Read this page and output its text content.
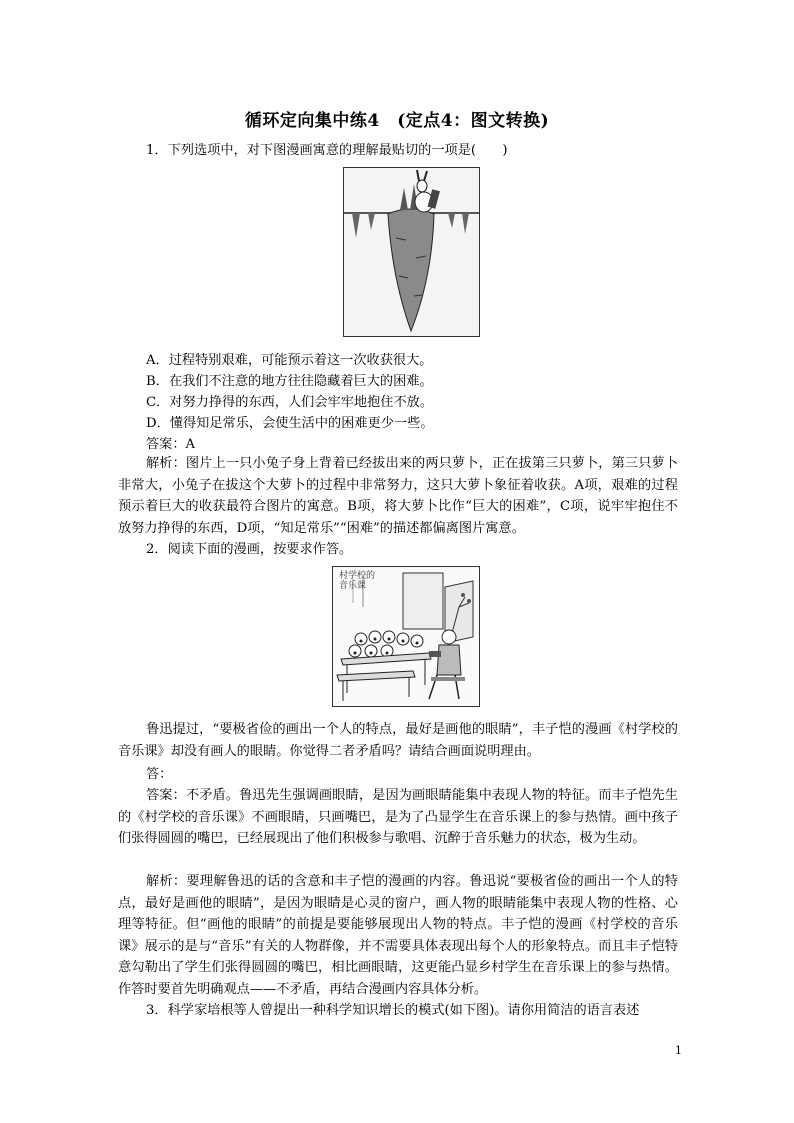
循环定向集中练4　(定点4：图文转换)
1．下列选项中，对下图漫画寓意的理解最贴切的一项是(　　)
A．过程特别艰难，可能预示着这一次收获很大。
B．在我们不注意的地方往往隐藏着巨大的困难。
C．对努力挣得的东西，人们会牢牢地抱住不放。
D．懂得知足常乐，会使生活中的困难更少一些。
答案：A

解析：图片上一只小兔子身上背着已经拔出来的两只萝卜，正在拔第三只萝卜，第三只萝卜非常大，小兔子在拔这个大萝卜的过程中非常努力，这只大萝卜象征着收获。A项，艰难的过程预示着巨大的收获最符合图片的寓意。B项，将大萝卜比作“巨大的困难”，C项，说牢牢抱住不放努力挣得的东西，D项，“知足常乐”“困难”的描述都偏离图片寓意。

2．阅读下面的漫画，按要求作答。
村学校的音乐课

鲁迅提过，“要极省俭的画出一个人的特点，最好是画他的眼睛”，丰子恺的漫画《村学校的音乐课》却没有画人的眼睛。你觉得二者矛盾吗？请结合画面说明理由。

答：

答案：不矛盾。鲁迅先生强调画眼睛，是因为画眼睛能集中表现人物的特征。而丰子恺先生的《村学校的音乐课》不画眼睛，只画嘴巴，是为了凸显学生在音乐课上的参与热情。画中孩子们张得圆圆的嘴巴，已经展现出了他们积极参与歌唱、沉醉于音乐魅力的状态，极为生动。

解析：要理解鲁迅的话的含意和丰子恺的漫画的内容。鲁迅说“要极省俭的画出一个人的特点，最好是画他的眼睛”，是因为眼睛是心灵的窗户，画人物的眼睛能集中表现人物的性格、心理等特征。但“画他的眼睛”的前提是要能够展现出人物的特点。丰子恺的漫画《村学校的音乐课》展示的是与“音乐”有关的人物群像，并不需要具体表现出每个人的形象特点。而且丰子恺特意勾勒出了学生们张得圆圆的嘴巴，相比画眼睛，这更能凸显乡村学生在音乐课上的参与热情。作答时要首先明确观点——不矛盾，再结合漫画内容具体分析。

3．科学家培根等人曾提出一种科学知识增长的模式(如下图)。请你用简洁的语言表述
1
